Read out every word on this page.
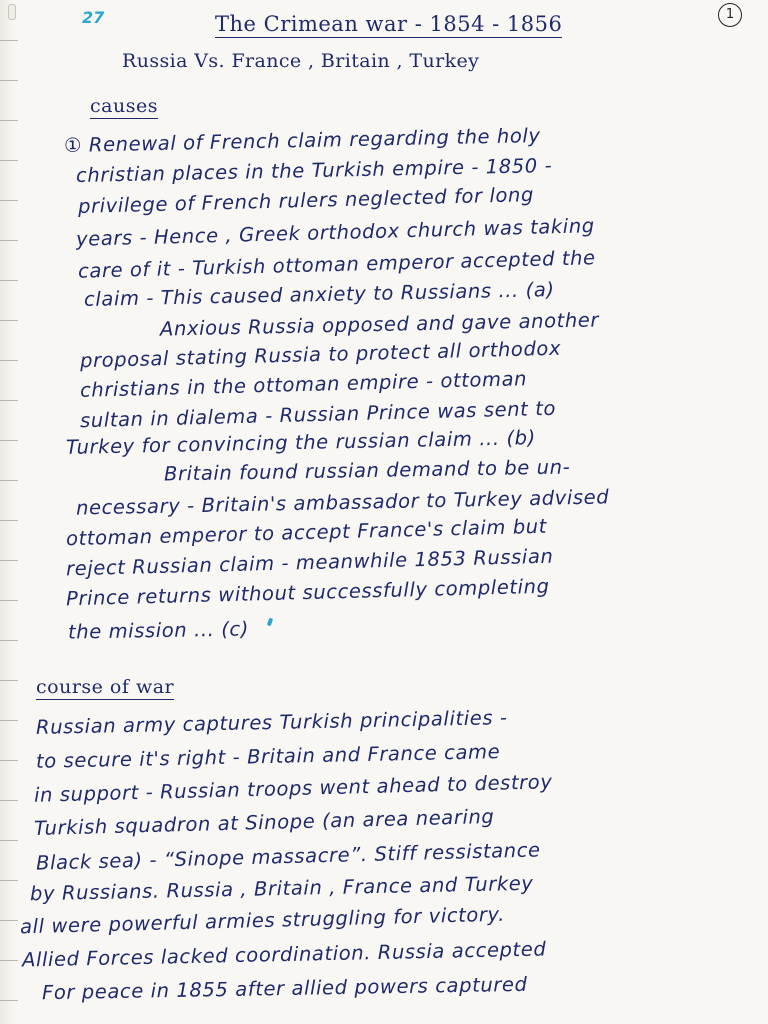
27	1
The Crimean war - 1854 - 1856
Russia Vs. France , Britain , Turkey
causes
① Renewal of French claim regarding the holy
christian places in the Turkish empire - 1850 -
privilege of French rulers neglected for long
years - Hence , Greek orthodox church was taking
care of it - Turkish ottoman emperor accepted the
claim - This caused anxiety to Russians ... (a)
Anxious Russia opposed and gave another
proposal stating Russia to protect all orthodox
christians in the ottoman empire - ottoman
sultan in dialema - Russian Prince was sent to
Turkey for convincing the russian claim ... (b)
Britain found russian demand to be un-
necessary - Britain's ambassador to Turkey advised
ottoman emperor to accept France's claim but
reject Russian claim - meanwhile 1853 Russian
Prince returns without successfully completing
the mission ... (c)
course of war
Russian army captures Turkish principalities -
to secure it's right - Britain and France came
in support - Russian troops went ahead to destroy
Turkish squadron at Sinope (an area nearing
Black sea) - “Sinope massacre”. Stiff ressistance
by Russians. Russia , Britain , France and Turkey
all were powerful armies struggling for victory.
Allied Forces lacked coordination. Russia accepted
For peace in 1855 after allied powers captured
